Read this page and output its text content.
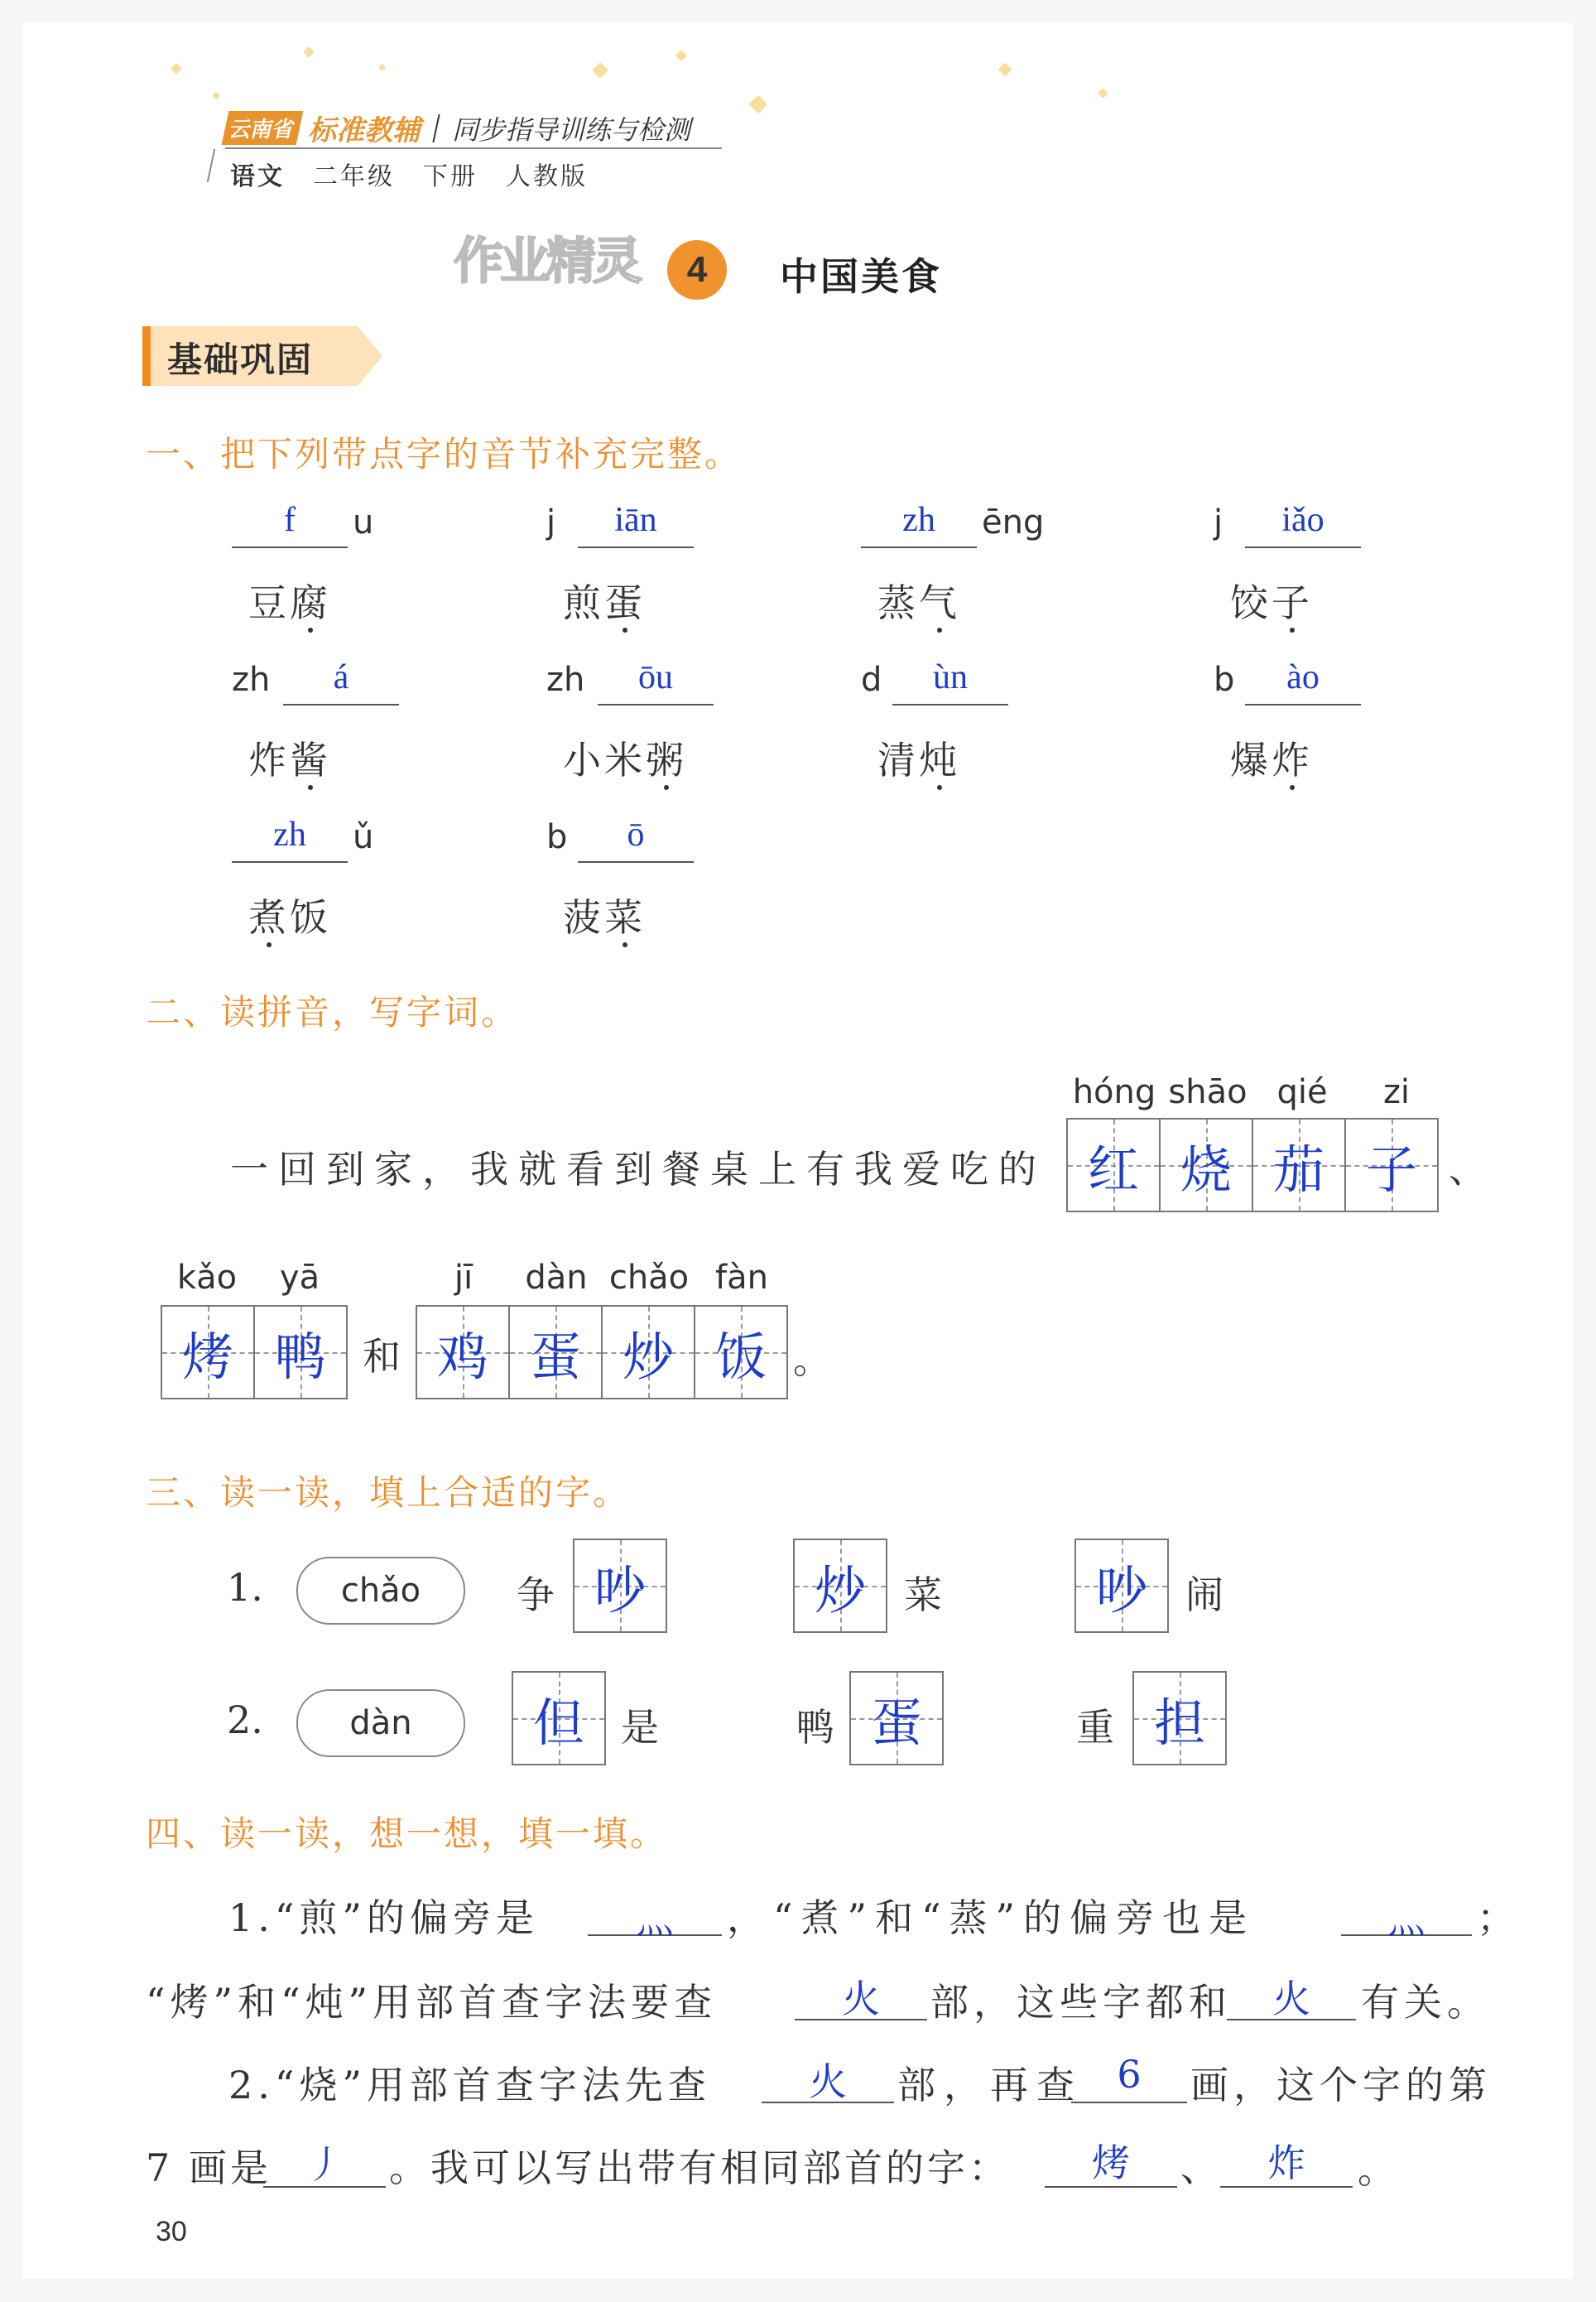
云南省 标准教辅 同步指导训练与检测
语文 二年级 下册 人教版
作业精灵	4	中国美食
基础巩固
一、把下列带点字的音节补充完整。
f	u
豆腐
j	iān
煎蛋
zh	ēng
蒸气
j	iǎo
饺子
zh	á
炸酱
zh	ōu
小米粥
d	ùn
清炖
b	ào
爆炸
zh	ǔ
煮饭
b	ō
菠菜
二、读拼音，写字词。
hóng shāo qié	zi
一回到家，我就看到餐桌上有我爱吃的 红 烧 茄 子 、
kǎo	yā	jī	dàn chǎo fàn
烤 鸭 和 鸡 蛋 炒 饭 。
三、读一读，填上合适的字。
1.	chǎo	争 吵	炒 菜	吵 闹
2.	dàn	但 是	鸭 蛋	重 担
四、读一读，想一想，填一填。
1.“煎”的偏旁是	灬	，“煮”和“蒸”的偏旁也是	灬	；
“烤”和“炖”用部首查字法要查	火	部，这些字都和	火	有关。
2.“烧”用部首查字法先查	火	部，再查 6	画，这个字的第
7 画是 丿	。我可以写出带有相同部首的字：	烤	、	炸	。
30
